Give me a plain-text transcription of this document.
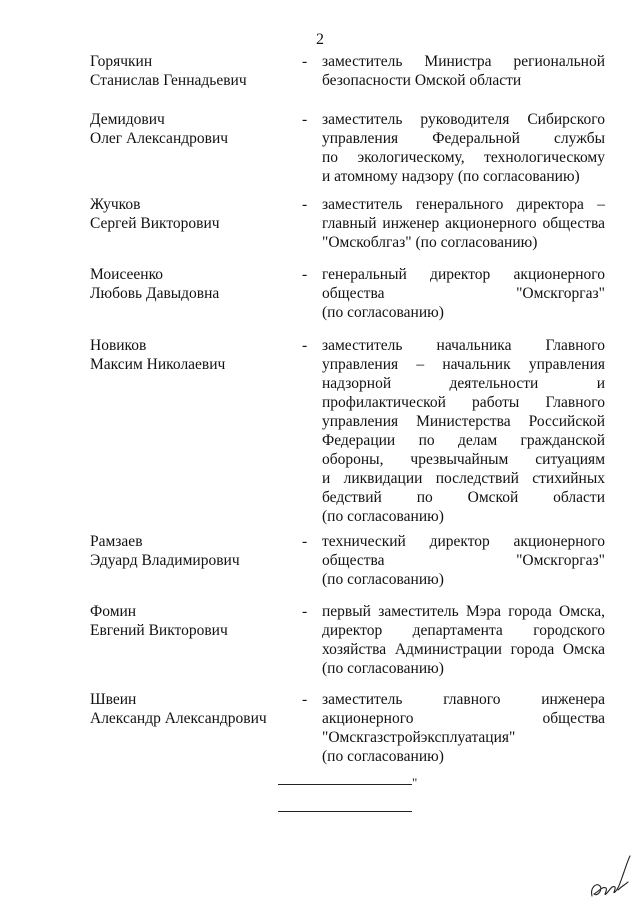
2
Горячкин
Станислав Геннадьевич
- заместитель Министра региональной
безопасности Омской области
Демидович
Олег Александрович
- заместитель руководителя Сибирского
управления Федеральной службы
по экологическому, технологическому
и атомному надзору (по согласованию)
Жучков
Сергей Викторович
- заместитель генерального директора –
главный инженер акционерного общества
"Омскоблгаз" (по согласованию)
Моисеенко
Любовь Давыдовна
- генеральный директор акционерного
общества "Омскгоргаз"
(по согласованию)
Новиков
Максим Николаевич
- заместитель начальника Главного
управления – начальник управления
надзорной деятельности и
профилактической работы Главного
управления Министерства Российской
Федерации по делам гражданской
обороны, чрезвычайным ситуациям
и ликвидации последствий стихийных
бедствий по Омской области
(по согласованию)
Рамзаев
Эдуард Владимирович
- технический директор акционерного
общества "Омскгоргаз"
(по согласованию)
Фомин
Евгений Викторович
- первый заместитель Мэра города Омска,
директор департамента городского
хозяйства Администрации города Омска
(по согласованию)
Швеин
Александр Александрович
- заместитель главного инженера
акционерного общества
"Омскгазстройэксплуатация"
(по согласованию)
"
